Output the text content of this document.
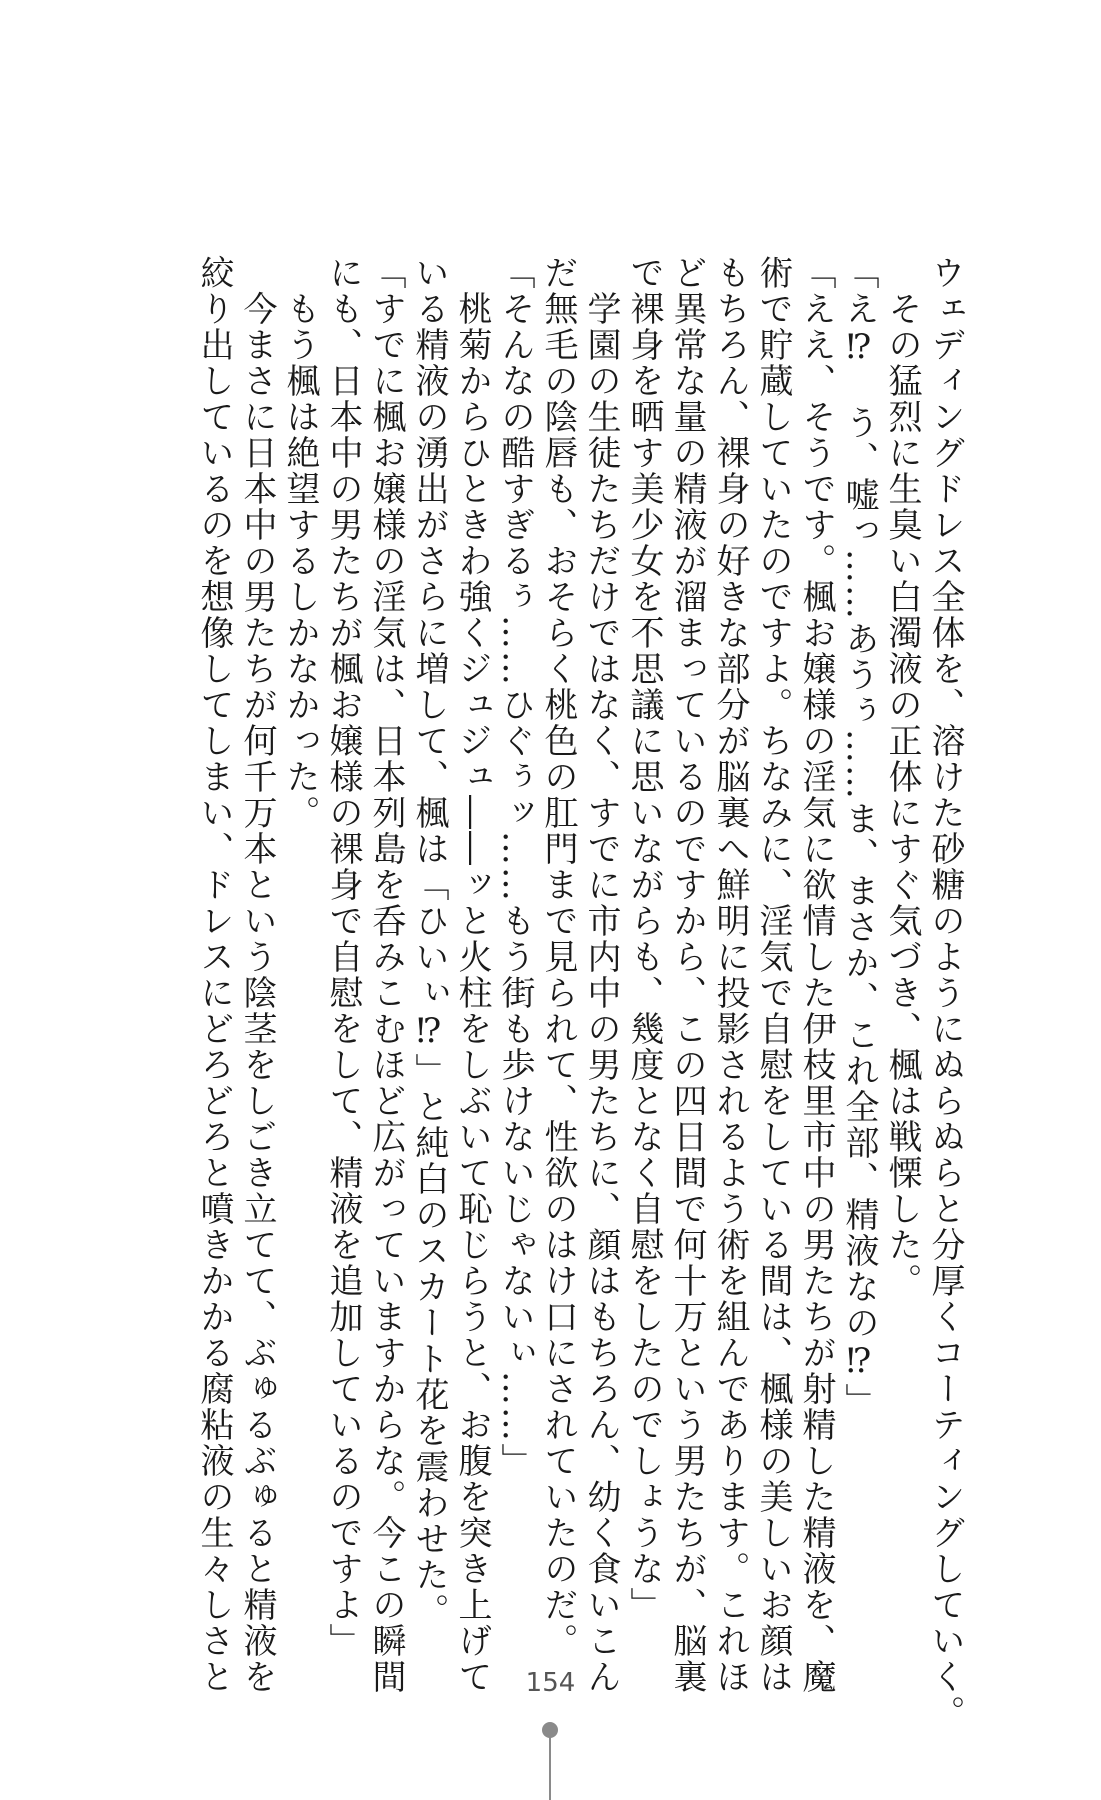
ウェディングドレス全体を、溶けた砂糖のようにぬらぬらと分厚くコーティングしていく。

　その猛烈に生臭い白濁液の正体にすぐ気づき、楓は戦慄した。

「え⁉　う、嘘っ……あうぅ……ま、まさか、これ全部、精液なの⁉」

「ええ、そうです。楓お嬢様の淫気に欲情した伊枝里市中の男たちが射精した精液を、魔

術で貯蔵していたのですよ。ちなみに、淫気で自慰をしている間は、楓様の美しいお顔は

もちろん、裸身の好きな部分が脳裏へ鮮明に投影されるよう術を組んであります。これほ

ど異常な量の精液が溜まっているのですから、この四日間で何十万という男たちが、脳裏

で裸身を晒す美少女を不思議に思いながらも、幾度となく自慰をしたのでしょうな」

　学園の生徒たちだけではなく、すでに市内中の男たちに、顔はもちろん、幼く食いこん

だ無毛の陰唇も、おそらく桃色の肛門まで見られて、性欲のはけ口にされていたのだ。

「そんなの酷すぎるぅ……ひぐぅッ……もう街も歩けないじゃないぃ……」

　桃菊からひときわ強くジュジュ――ッと火柱をしぶいて恥じらうと、お腹を突き上げて

いる精液の湧出がさらに増して、楓は「ひいぃ⁉」と純白のスカート花を震わせた。

「すでに楓お嬢様の淫気は、日本列島を呑みこむほど広がっていますからな。今この瞬間

にも、日本中の男たちが楓お嬢様の裸身で自慰をして、精液を追加しているのですよ」

　もう楓は絶望するしかなかった。

　今まさに日本中の男たちが何千万本という陰茎をしごき立てて、ぶゅるぶゅると精液を

絞り出しているのを想像してしまい、ドレスにどろどろと噴きかかる腐粘液の生々しさと	154
